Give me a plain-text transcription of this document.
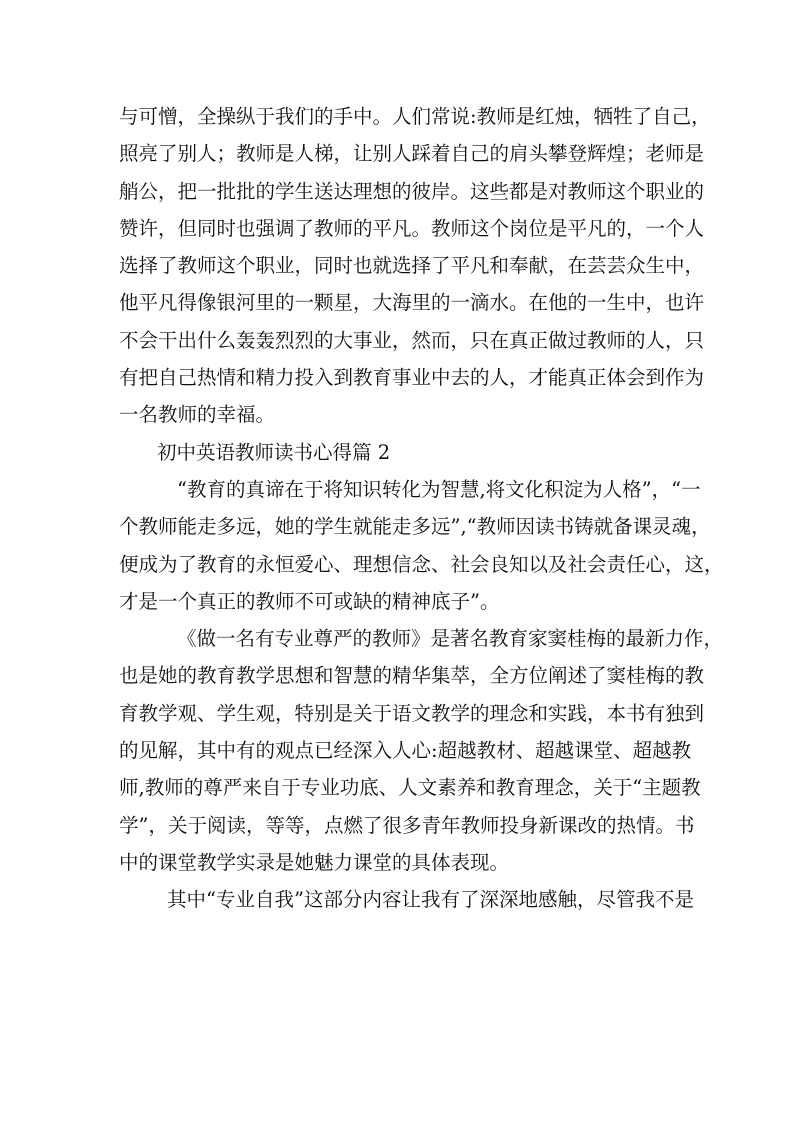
与可憎，全操纵于我们的手中。人们常说:教师是红烛，牺牲了自己，

照亮了别人；教师是人梯，让别人踩着自己的肩头攀登辉煌；老师是

艄公，把一批批的学生送达理想的彼岸。这些都是对教师这个职业的

赞许，但同时也强调了教师的平凡。教师这个岗位是平凡的，一个人

选择了教师这个职业，同时也就选择了平凡和奉献，在芸芸众生中，

他平凡得像银河里的一颗星，大海里的一滴水。在他的一生中，也许

不会干出什么轰轰烈烈的大事业，然而，只在真正做过教师的人，只

有把自己热情和精力投入到教育事业中去的人，才能真正体会到作为

一名教师的幸福。

初中英语教师读书心得篇 2

“教育的真谛在于将知识转化为智慧,将文化积淀为人格”，“一

个教师能走多远，她的学生就能走多远”,“教师因读书铸就备课灵魂，

便成为了教育的永恒爱心、理想信念、社会良知以及社会责任心，这，

才是一个真正的教师不可或缺的精神底子”。

《做一名有专业尊严的教师》是著名教育家窦桂梅的最新力作，

也是她的教育教学思想和智慧的精华集萃，全方位阐述了窦桂梅的教

育教学观、学生观，特别是关于语文教学的理念和实践，本书有独到

的见解，其中有的观点已经深入人心:超越教材、超越课堂、超越教

师,教师的尊严来自于专业功底、人文素养和教育理念，关于“主题教

学”，关于阅读，等等，点燃了很多青年教师投身新课改的热情。书

中的课堂教学实录是她魅力课堂的具体表现。

其中“专业自我”这部分内容让我有了深深地感触，尽管我不是
